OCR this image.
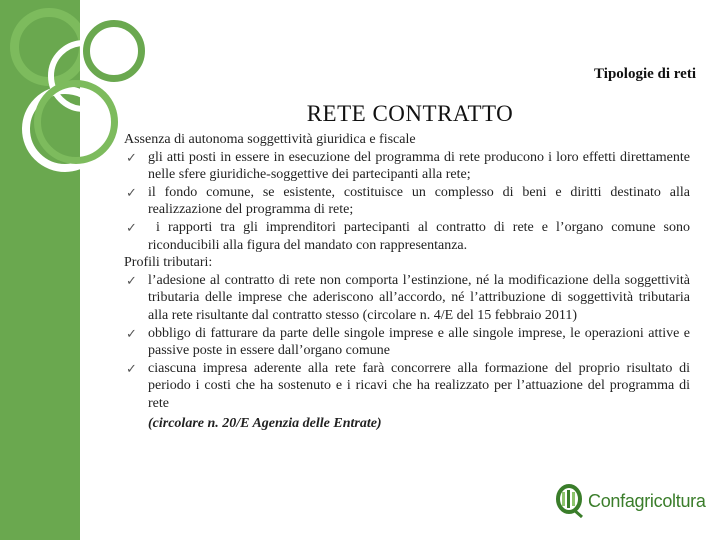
Tipologie di reti
RETE CONTRATTO

Assenza di autonoma soggettività giuridica e fiscale

✓ gli atti posti in essere in esecuzione del programma di rete producono i loro effetti direttamente nelle sfere giuridiche-soggettive dei partecipanti alla rete;
✓ il fondo comune, se esistente, costituisce un complesso di beni e diritti destinato alla realizzazione del programma di rete;
✓ i rapporti tra gli imprenditori partecipanti al contratto di rete e l’organo comune sono riconducibili alla figura del mandato con rappresentanza.

Profili tributari:

✓ l’adesione al contratto di rete non comporta l’estinzione, né la modificazione della soggettività tributaria delle imprese che aderiscono all’accordo, né l’attribuzione di soggettività tributaria alla rete risultante dal contratto stesso (circolare n. 4/E del 15 febbraio 2011)
✓ obbligo di fatturare da parte delle singole imprese e alle singole imprese, le operazioni attive e passive poste in essere dall’organo comune
✓ ciascuna impresa aderente alla rete farà concorrere alla formazione del proprio risultato di periodo i costi che ha sostenuto e i ricavi che ha realizzato per l’attuazione del programma di rete

(circolare n. 20/E Agenzia delle Entrate)

Confagricoltura
